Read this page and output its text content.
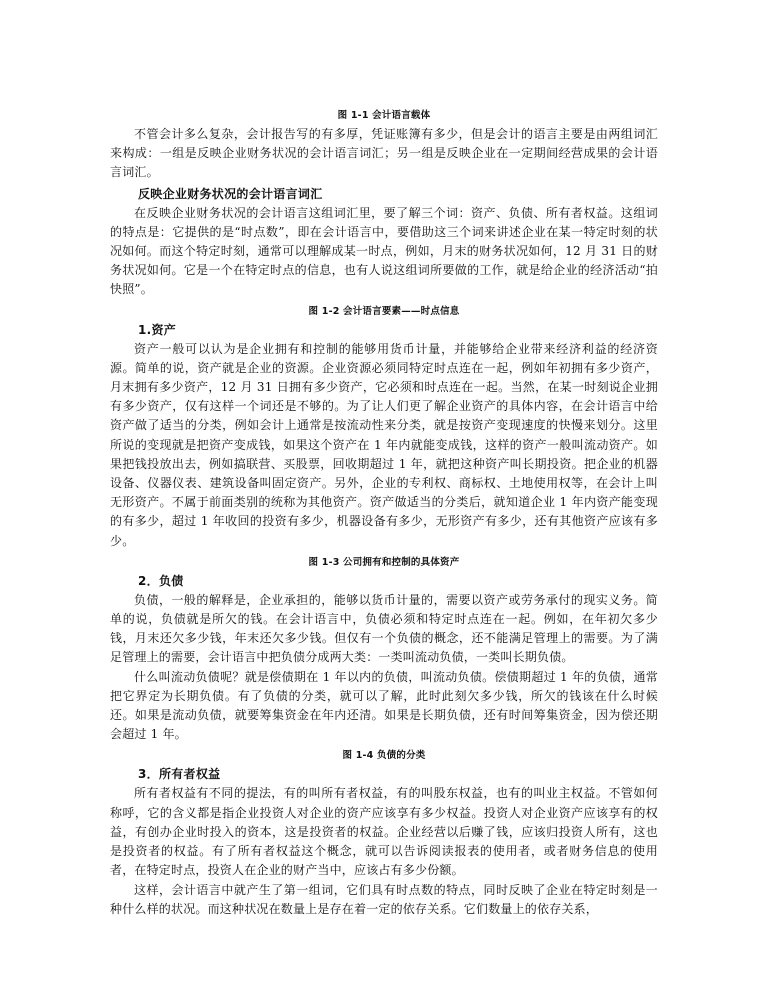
图 1-1 会计语言载体

不管会计多么复杂，会计报告写的有多厚，凭证账簿有多少，但是会计的语言主要是由两组词汇来构成：一组是反映企业财务状况的会计语言词汇；另一组是反映企业在一定期间经营成果的会计语言词汇。

反映企业财务状况的会计语言词汇

在反映企业财务状况的会计语言这组词汇里，要了解三个词：资产、负债、所有者权益。这组词的特点是：它提供的是“时点数”，即在会计语言中，要借助这三个词来讲述企业在某一特定时刻的状况如何。而这个特定时刻，通常可以理解成某一时点，例如，月末的财务状况如何，12 月 31 日的财务状况如何。它是一个在特定时点的信息，也有人说这组词所要做的工作，就是给企业的经济活动“拍快照”。

图 1-2 会计语言要素——时点信息
1.资产

资产一般可以认为是企业拥有和控制的能够用货币计量，并能够给企业带来经济利益的经济资源。简单的说，资产就是企业的资源。企业资源必须同特定时点连在一起，例如年初拥有多少资产，月末拥有多少资产，12 月 31 日拥有多少资产，它必须和时点连在一起。当然，在某一时刻说企业拥有多少资产，仅有这样一个词还是不够的。为了让人们更了解企业资产的具体内容，在会计语言中给资产做了适当的分类，例如会计上通常是按流动性来分类，就是按资产变现速度的快慢来划分。这里所说的变现就是把资产变成钱，如果这个资产在 1 年内就能变成钱，这样的资产一般叫流动资产。如果把钱投放出去，例如搞联营、买股票，回收期超过 1 年，就把这种资产叫长期投资。把企业的机器设备、仪器仪表、建筑设备叫固定资产。另外，企业的专利权、商标权、土地使用权等，在会计上叫无形资产。不属于前面类别的统称为其他资产。资产做适当的分类后，就知道企业 1 年内资产能变现的有多少，超过 1 年收回的投资有多少，机器设备有多少，无形资产有多少，还有其他资产应该有多少。

图 1-3 公司拥有和控制的具体资产
2．负债

负债，一般的解释是，企业承担的，能够以货币计量的，需要以资产或劳务承付的现实义务。简单的说，负债就是所欠的钱。在会计语言中，负债必须和特定时点连在一起。例如，在年初欠多少钱，月末还欠多少钱，年末还欠多少钱。但仅有一个负债的概念，还不能满足管理上的需要。为了满足管理上的需要，会计语言中把负债分成两大类：一类叫流动负债，一类叫长期负债。

什么叫流动负债呢？就是偿债期在 1 年以内的负债，叫流动负债。偿债期超过 1 年的负债，通常把它界定为长期负债。有了负债的分类，就可以了解，此时此刻欠多少钱，所欠的钱该在什么时候还。如果是流动负债，就要筹集资金在年内还清。如果是长期负债，还有时间筹集资金，因为偿还期会超过 1 年。

图 1-4 负债的分类
3．所有者权益

所有者权益有不同的提法，有的叫所有者权益，有的叫股东权益，也有的叫业主权益。不管如何称呼，它的含义都是指企业投资人对企业的资产应该享有多少权益。投资人对企业资产应该享有的权益，有创办企业时投入的资本，这是投资者的权益。企业经营以后赚了钱，应该归投资人所有，这也是投资者的权益。有了所有者权益这个概念，就可以告诉阅读报表的使用者，或者财务信息的使用者，在特定时点，投资人在企业的财产当中，应该占有多少份额。

这样，会计语言中就产生了第一组词，它们具有时点数的特点，同时反映了企业在特定时刻是一种什么样的状况。而这种状况在数量上是存在着一定的依存关系。它们数量上的依存关系，
